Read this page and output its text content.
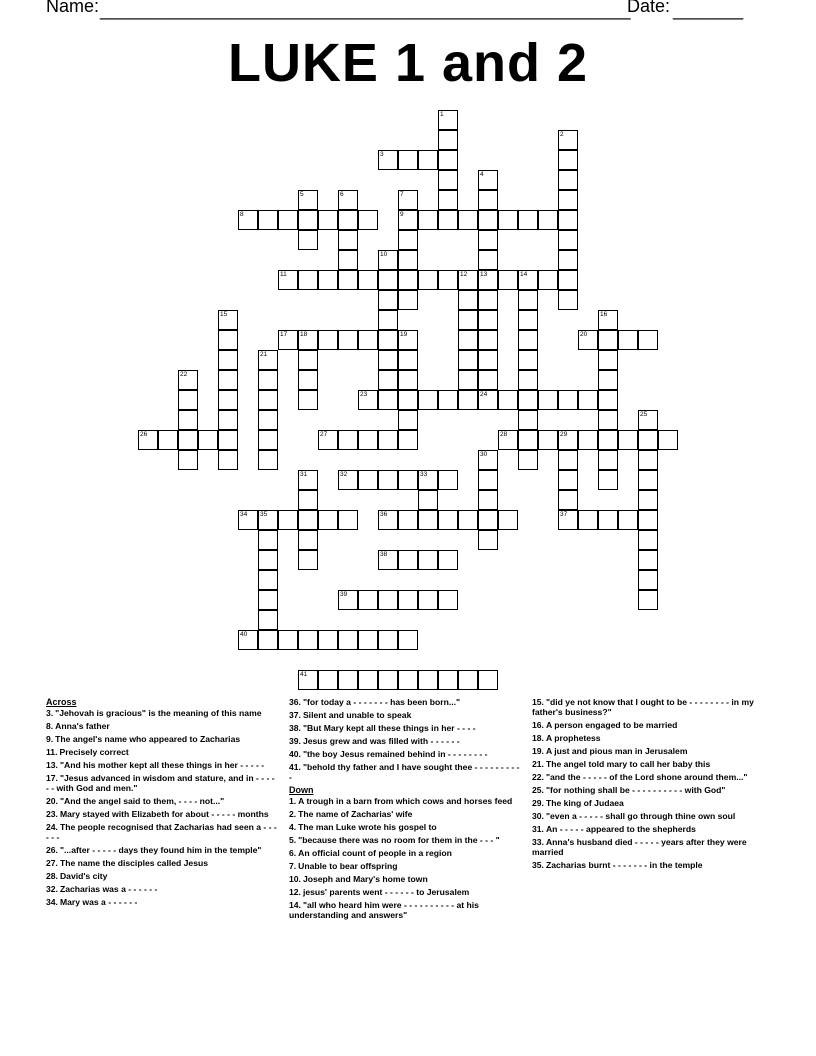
Name: _____________________________________________________
Date: _______
LUKE 1 and 2
1
2
3
4
13
5	6	7
9
8
10
11	12	14
15	16
17 18	19	20
21
22
23	24
25
26	27	28	29
30
31	32	33
34 35	36	37
38
39
40
41
Across
3. "Jehovah is gracious" is the meaning of this name
8. Anna's father
9. The angel's name who appeared to Zacharias
11. Precisely correct
13. "And his mother kept all these things in her - - - - -
17. "Jesus advanced in wisdom and stature, and in - - - - - - with God and men."
20. "And the angel said to them, - - - - not..."
23. Mary stayed with Elizabeth for about - - - - - months
24. The people recognised that Zacharias had seen a - - - - - -
26. "...after - - - - - days they found him in the temple"
27. The name the disciples called Jesus
28. David's city
32. Zacharias was a - - - - - -
34. Mary was a - - - - - -
36. "for today a - - - - - - - has been born..."
37. Silent and unable to speak
38. "But Mary kept all these things in her - - - -
39. Jesus grew and was filled with - - - - - -
40. "the boy Jesus remained behind in - - - - - - - -
41. "behold thy father and I have sought thee - - - - - - - - - -
Down
1. A trough in a barn from which cows and horses feed
2. The name of Zacharias' wife
4. The man Luke wrote his gospel to
5. "because there was no room for them in the - - - "
6. An official count of people in a region
7. Unable to bear offspring
10. Joseph and Mary's home town
12. jesus' parents went - - - - - - to Jerusalem
14. "all who heard him were - - - - - - - - - - at his understanding and answers"
15. "did ye not know that I ought to be - - - - - - - - in my father's business?"
16. A person engaged to be married
18. A prophetess
19. A just and pious man in Jerusalem
21. The angel told mary to call her baby this
22. "and the - - - - - of the Lord shone around them..."
25. "for nothing shall be - - - - - - - - - - with God"
29. The king of Judaea
30. "even a - - - - - shall go through thine own soul
31. An - - - - - appeared to the shepherds
33. Anna's husband died - - - - - years after they were married
35. Zacharias burnt - - - - - - - in the temple
